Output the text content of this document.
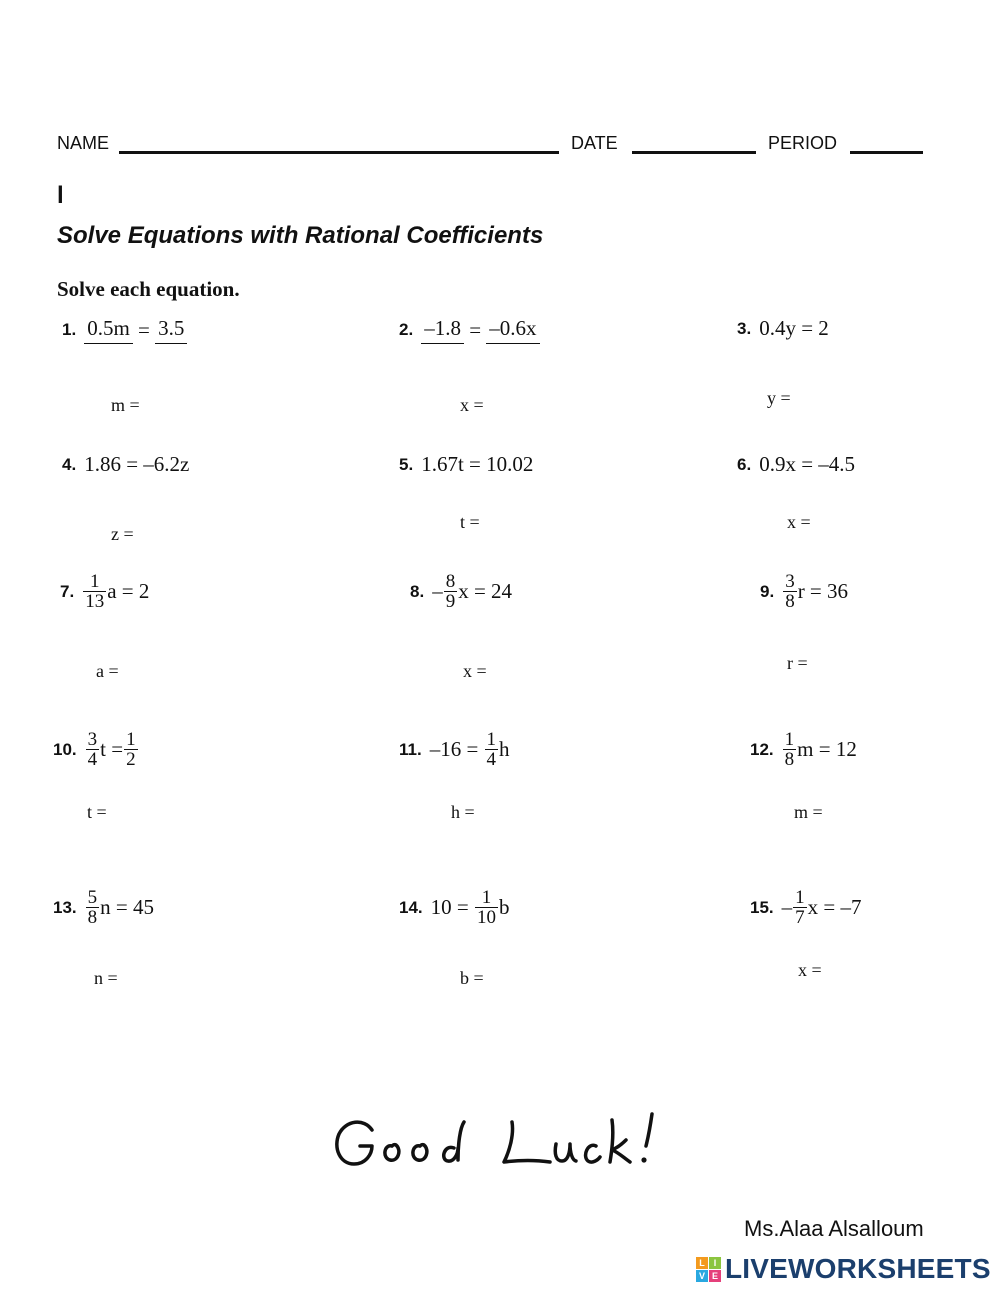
NAME	DATE	PERIOD
l
Solve Equations with Rational Coefficients
Solve each equation.
1. 0.5m
=
3.5
m =
2. –1.8
=
–0.6x
x =
3. 0.4y = 2
y =
4. 1.86 = –6.2z
z =
5. 1.67t = 10.02
t =
6. 0.9x = –4.5
x =
7. $\frac{1}{13}$ a = 2
a =
8. – $\frac{8}{9}$ x = 24
x =
9. $\frac{3}{8}$ r = 36
r =
10. $\frac{3}{4}$ $t = \frac{1}{2}$
t =
11. –16 =
$\frac{1}{4}$ h
h =
12. $\frac{1}{8}$ m = 12
m =
13. $\frac{5}{8}$ n = 45
n =
14. 10 =
$\frac{1}{10}$ b
b =
15. – $\frac{1}{7}$ x = –7
x =
Ms.Alaa Alsalloum
L I
V E LIVEWORKSHEETS
